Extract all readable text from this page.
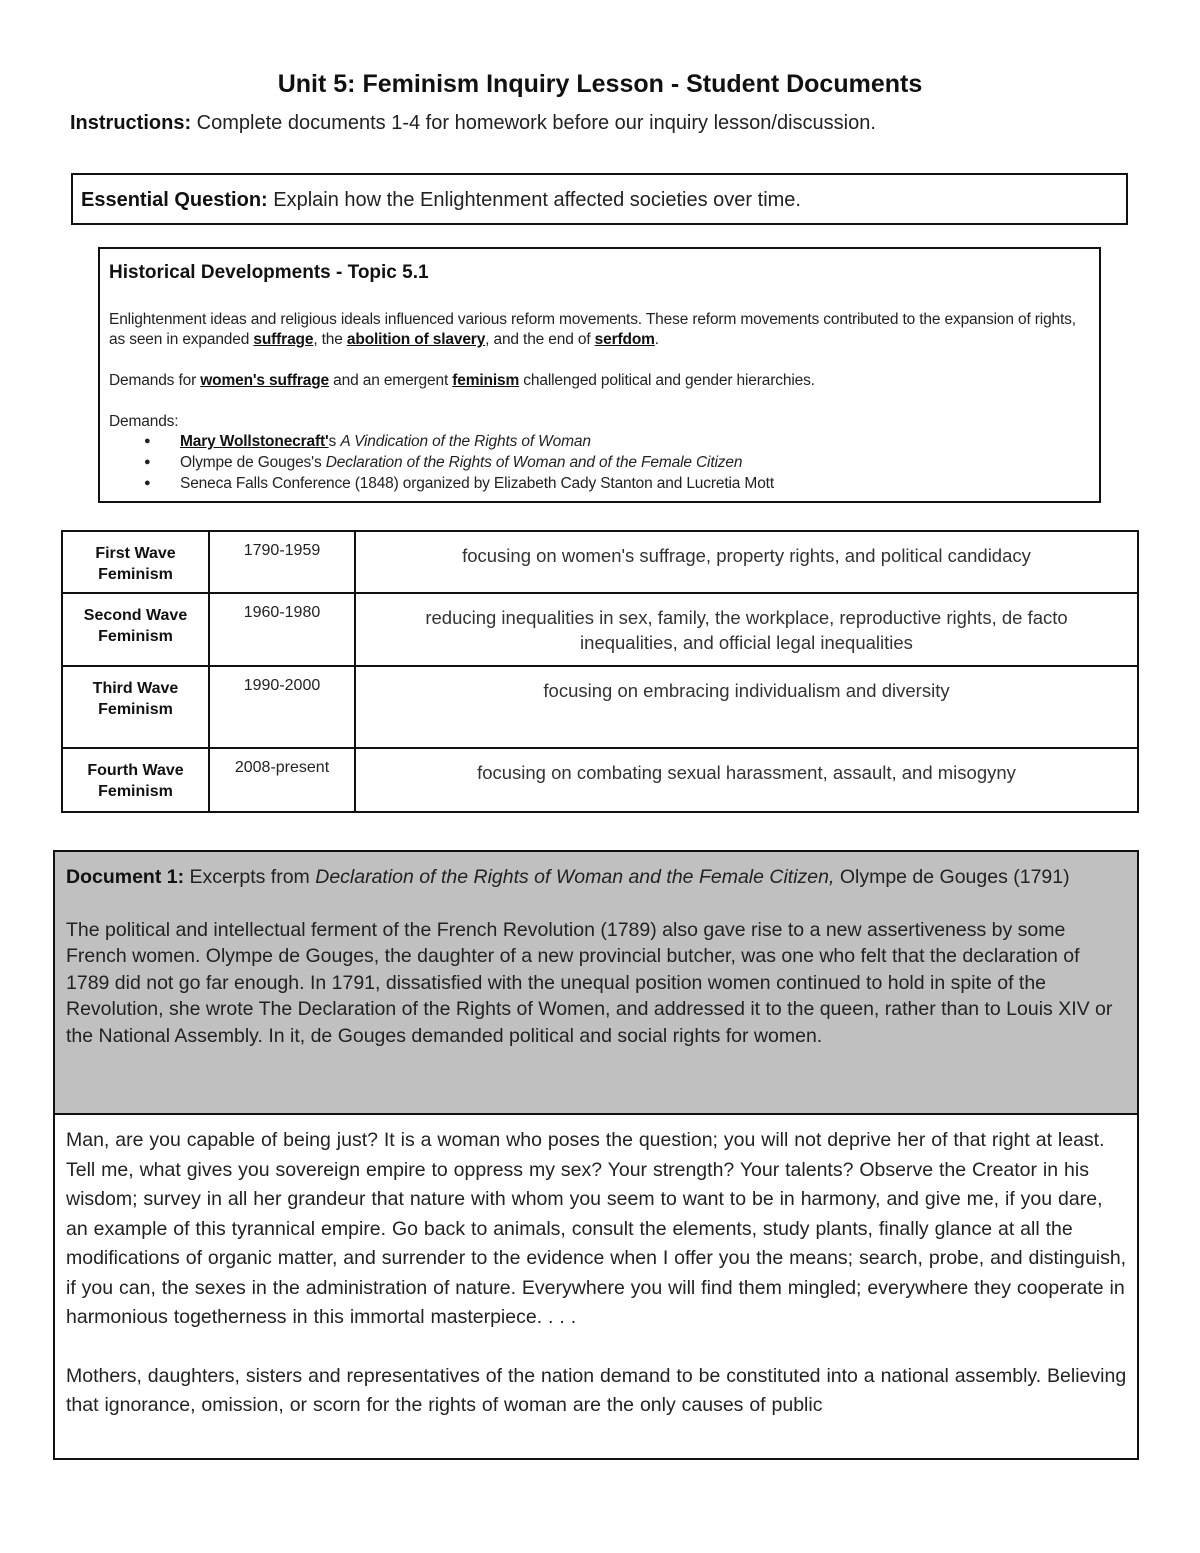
Unit 5: Feminism Inquiry Lesson - Student Documents
Instructions: Complete documents 1-4 for homework before our inquiry lesson/discussion.
Essential Question: Explain how the Enlightenment affected societies over time.
Historical Developments - Topic 5.1
Enlightenment ideas and religious ideals influenced various reform movements. These reform movements contributed to the expansion of rights, as seen in expanded suffrage, the abolition of slavery, and the end of serfdom.
Demands for women's suffrage and an emergent feminism challenged political and gender hierarchies.
Demands:
● Mary Wollstonecraft's A Vindication of the Rights of Woman
● Olympe de Gouges's Declaration of the Rights of Woman and of the Female Citizen
● Seneca Falls Conference (1848) organized by Elizabeth Cady Stanton and Lucretia Mott
First Wave
Feminism	1790-1959	focusing on women's suffrage, property rights, and political candidacy
Second Wave
Feminism	1960-1980	reducing inequalities in sex, family, the workplace, reproductive rights, de facto inequalities, and official legal inequalities
Third Wave
Feminism	1990-2000	focusing on embracing individualism and diversity
Fourth Wave
Feminism	2008-present	focusing on combating sexual harassment, assault, and misogyny
Document 1: Excerpts from Declaration of the Rights of Woman and the Female Citizen, Olympe de Gouges (1791)
The political and intellectual ferment of the French Revolution (1789) also gave rise to a new assertiveness by some French women. Olympe de Gouges, the daughter of a new provincial butcher, was one who felt that the declaration of 1789 did not go far enough. In 1791, dissatisfied with the unequal position women continued to hold in spite of the Revolution, she wrote The Declaration of the Rights of Women, and addressed it to the queen, rather than to Louis XIV or the National Assembly. In it, de Gouges demanded political and social rights for women.

Man, are you capable of being just? It is a woman who poses the question; you will not deprive her of that right at least. Tell me, what gives you sovereign empire to oppress my sex? Your strength? Your talents? Observe the Creator in his wisdom; survey in all her grandeur that nature with whom you seem to want to be in harmony, and give me, if you dare, an example of this tyrannical empire. Go back to animals, consult the elements, study plants, finally glance at all the modifications of organic matter, and surrender to the evidence when I offer you the means; search, probe, and distinguish, if you can, the sexes in the administration of nature. Everywhere you will find them mingled; everywhere they cooperate in harmonious togetherness in this immortal masterpiece. . . .

Mothers, daughters, sisters and representatives of the nation demand to be constituted into a national assembly. Believing that ignorance, omission, or scorn for the rights of woman are the only causes of public
